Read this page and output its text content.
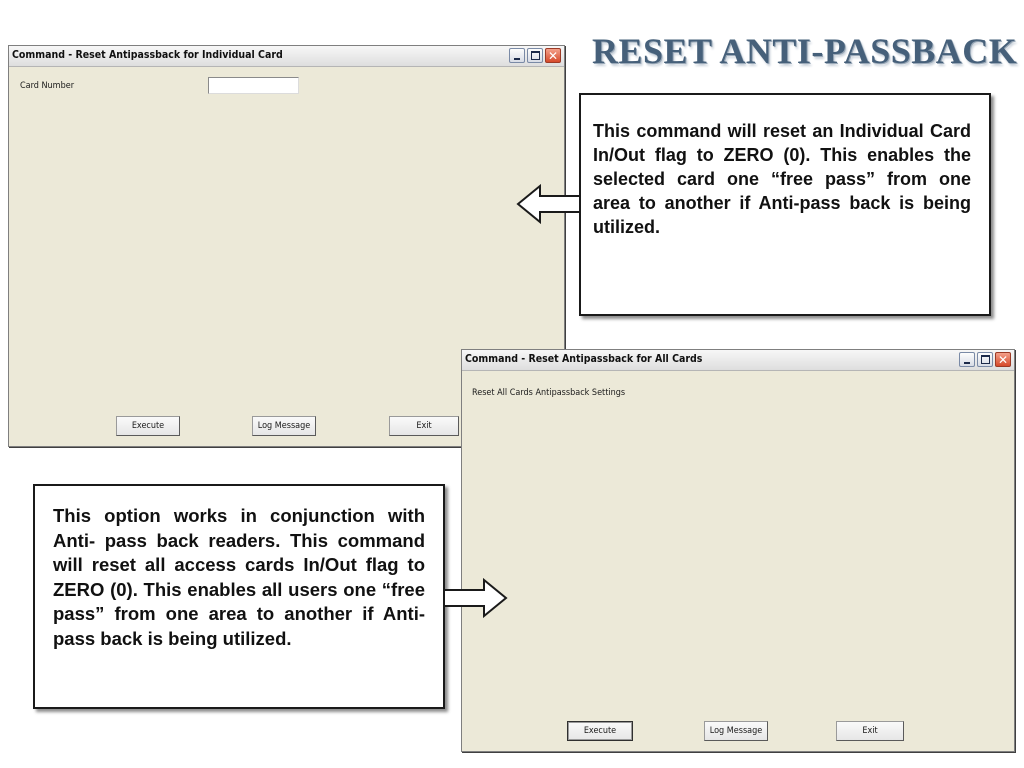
RESET ANTI-PASSBACK
Command - Reset Antipassback for Individual Card	✕
Card Number
Execute	Log Message	Exit
Command - Reset Antipassback for All Cards	✕
Reset All Cards Antipassback Settings
Execute	Log Message	Exit
This command will reset an Individual Card In/Out flag to ZERO (0). This enables the selected card one “free pass” from one area to another if Anti-pass back is being utilized.
This option works in conjunction with Anti- pass back readers. This command will reset all access cards In/Out flag to ZERO (0). This enables all users one “free pass” from one area to another if Anti-pass back is being utilized.
